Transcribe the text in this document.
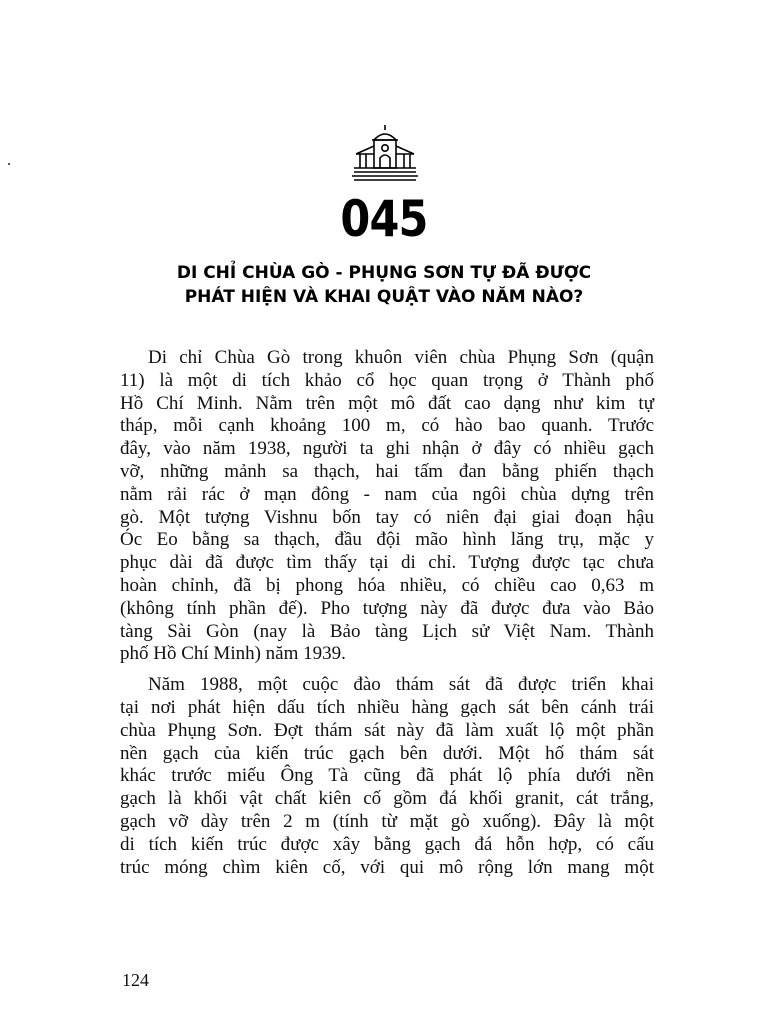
045
DI CHỈ CHÙA GÒ - PHỤNG SƠN TỰ ĐÃ ĐƯỢC
PHÁT HIỆN VÀ KHAI QUẬT VÀO NĂM NÀO?

Di chỉ Chùa Gò trong khuôn viên chùa Phụng Sơn (quận
11) là một di tích khảo cổ học quan trọng ở Thành phố
Hồ Chí Minh. Nằm trên một mô đất cao dạng như kim tự
tháp, mỗi cạnh khoảng 100 m, có hào bao quanh. Trước
đây, vào năm 1938, người ta ghi nhận ở đây có nhiều gạch
vỡ, những mảnh sa thạch, hai tấm đan bằng phiến thạch
nằm rải rác ở mạn đông - nam của ngôi chùa dựng trên
gò. Một tượng Vishnu bốn tay có niên đại giai đoạn hậu
Óc Eo bằng sa thạch, đầu đội mão hình lăng trụ, mặc y
phục dài đã được tìm thấy tại di chỉ. Tượng được tạc chưa
hoàn chỉnh, đã bị phong hóa nhiều, có chiều cao 0,63 m
(không tính phần đế). Pho tượng này đã được đưa vào Bảo
tàng Sài Gòn (nay là Bảo tàng Lịch sử Việt Nam. Thành
phố Hồ Chí Minh) năm 1939.

Năm 1988, một cuộc đào thám sát đã được triển khai
tại nơi phát hiện dấu tích nhiều hàng gạch sát bên cánh trái
chùa Phụng Sơn. Đợt thám sát này đã làm xuất lộ một phần
nền gạch của kiến trúc gạch bên dưới. Một hố thám sát
khác trước miếu Ông Tà cũng đã phát lộ phía dưới nền
gạch là khối vật chất kiên cố gồm đá khối granit, cát trắng,
gạch vỡ dày trên 2 m (tính từ mặt gò xuống). Đây là một
di tích kiến trúc được xây bằng gạch đá hỗn hợp, có cấu
trúc móng chìm kiên cố, với qui mô rộng lớn mang một

124
